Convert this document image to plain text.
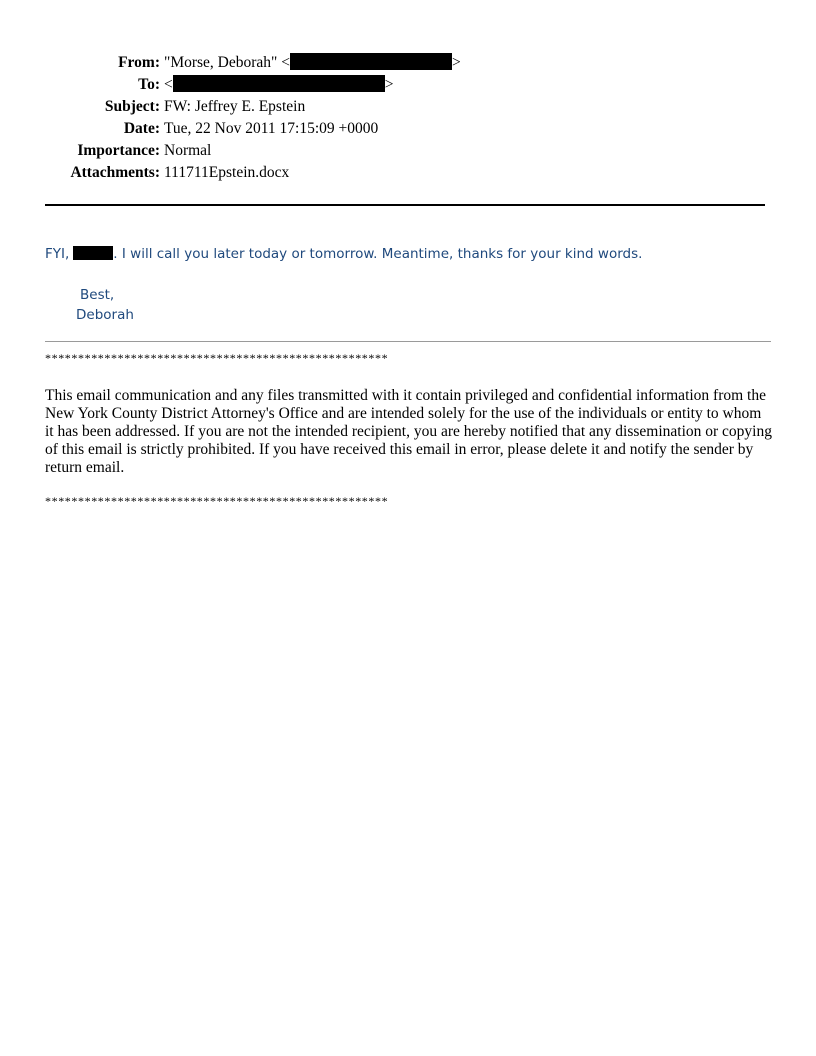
From: "Morse, Deborah" <	>
To: <	>
Subject: FW: Jeffrey E. Epstein
Date: Tue, 22 Nov 2011 17:15:09 +0000
Importance: Normal
Attachments: 111711Epstein.docx
FYI,	. I will call you later today or tomorrow. Meantime, thanks for your kind words.
Best,
Deborah
****************************************************
This email communication and any files transmitted with it contain privileged and confidential information from the New York County District Attorney's Office and are intended solely for the use of the individuals or entity to whom it has been addressed. If you are not the intended recipient, you are hereby notified that any dissemination or copying of this email is strictly prohibited. If you have received this email in error, please delete it and notify the sender by return email.
****************************************************
